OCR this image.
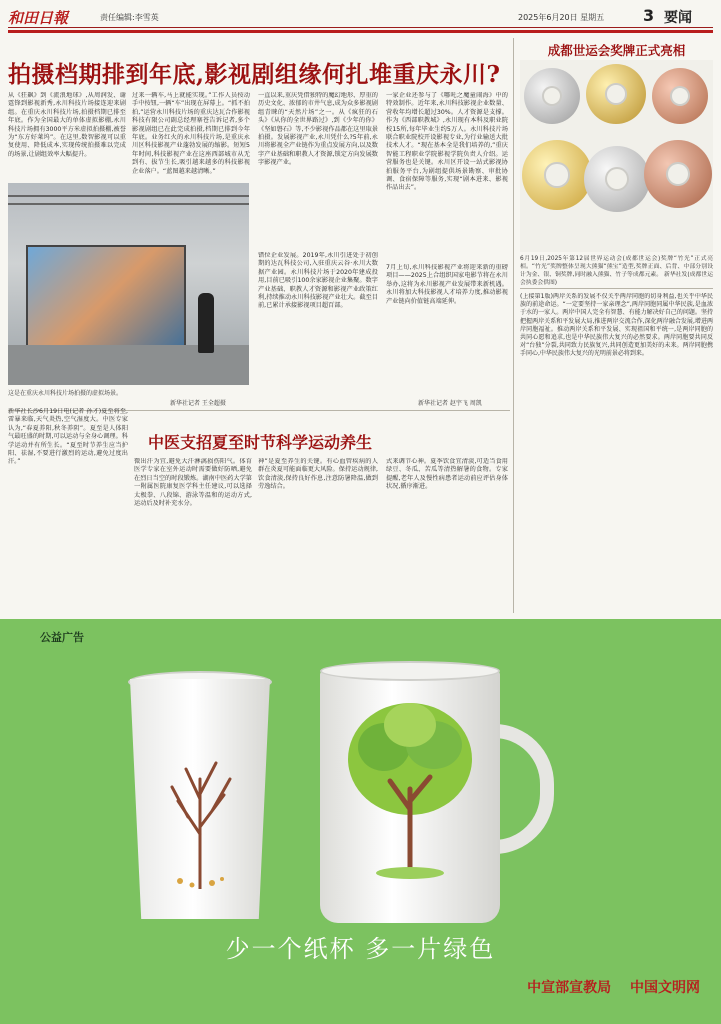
和田日報	责任编辑:李雪英	2025年6月20日 星期五 3 要闻
拍摄档期排到年底,影视剧组缘何扎堆重庆永川?
从《狂飙》到《流浪地球》,从周润发、谢霆锋到影视新秀,永川科技片场接连迎来剧组。在重庆永川科技片场,拍摄档期已排至年底。作为全国最大的单体虚拟影棚,永川科技片场拥有3000平方米虚拟拍摄棚,被誉为“东方好莱坞”。在这里,数智影视可以重复使用、降低成本,实现传统拍摄难以完成的场景,让剧组效率大幅提升。
过来一辆车,马上就能实现。”工作人员按动手中按钮,一辆“车”出现在屏幕上。“抓不拍拍,”运营永川科技片场的重庆达瓦合作影视科技有限公司副总经理寨苍告诉记者,多个影视剧组已在此完成拍摄,档期已排到今年年底。业务红火的永川科技片场,是重庆永川区科技影视产业蓬勃发展的缩影。短短5年时间,科技影视产业在这座西部城市从无到有、拔节生长,吸引越来越多的科技影视企业落户。“蓝图越来越清晰。”
一直以来,重庆凭借独特的魔幻地形、厚重的历史文化、浓郁的市井气息,成为众多影视剧组青睐的“天然片场”之一。从《疯狂的石头》《从你的全世界路过》,到《少年的你》《坚如磐石》等,不少影视作品都在这里取景拍摄。发展影视产业,永川凭什么?5年前,永川将影视全产业链作为重点发展方向,以及数字产业基础和职教人才资源,锁定方向发展数字影视产业。
错位企业发展。2019年,永川引进处于初创期的达瓦科技公司,入驻重庆云谷·永川大数据产业园。永川科技片场于2020年建成投用,目前已吸引100余家影视企业集聚。数字产业基础、职教人才资源和影视产业政策红利,持续推动永川科技影视产业壮大。截至目前,已累计承接影视项目超百部。
一家企业还参与了《哪吒之魔童闹海》中的特效制作。近年来,永川科技影视企业数量、营收年均增长超过30%。人才资源是支撑。作为《西部职教城》,永川现有本科及职业院校15所,每年毕业生约5万人。永川科技片场联合职业院校开设影视专业,为行业输送大批技术人才。“现在基本全是我们培养的,”重庆智能工程职业学院影视学院负责人介绍。运营服务也是关键。永川区开设一站式影视协拍服务平台,为剧组提供场景勘察、审批协调、食宿保障等服务,实现“剧本进来、影视作品出去”。
7月上旬,永川科技影视产业将迎来新的重磅项目——2025上合组织国家电影节将在永川举办,这将为永川影视产业发展带来新机遇。永川将加大科技影视人才培养力度,推动影视产业链向价值链高端延伸。
这是在重庆永川科技片场拍摄的虚拟场景。
新华社记者 王全超摄	新华社记者 赵宇飞 周凯
成都世运会奖牌正式亮相
6月19日,2025年第12届世界运动会(成都世运会)奖牌“竹光”正式亮相。“竹光”奖牌整体呈现大熊猫“熊宝”造型,奖牌正面、后背、中部分别设计为金、银、铜奖牌,同时融入熊猫、竹子等成都元素。 新华社发(成都世运会执委会供图)
(上接第1版)两岸关系的发展不仅关乎两岸同胞的切身利益,也关乎中华民族的前途命运。“一定要坚持一家亲理念”,两岸同胞同属中华民族,是血浓于水的一家人。两岸中国人完全有智慧、有能力解决好自己的问题。坚持把握两岸关系和平发展大局,推进两岸交流合作,深化两岸融合发展,增进两岸同胞福祉。推动两岸关系和平发展、实现祖国和平统一,是两岸同胞的共同心愿和追求,也是中华民族伟大复兴的必然要求。两岸同胞要共同反对“台独”分裂,共同致力民族复兴,共同创造更加美好的未来。两岸同胞携手同心,中华民族伟大复兴的光明前景必将到来。
中医支招夏至时节科学运动养生
新华社长沙6月19日电(记者 孙才)夏至将至,雷暴来临,天气炎热,空气湿度大。中医专家认为,“春夏养阳,秋冬养阴”。夏至是人体阳气最旺盛的时期,可以运动与全身心调理。科学运动并有所生长。“夏至时节养生应当护阳、祛湿,不要进行激烈的运动,避免过度出汗。”	微出汗为宜,避免大汗淋漓损伤阳气。体育医学专家在室外运动时需要做好防晒,避免在烈日当空的时段锻炼。湖南中医药大学第一附属医院康复医学科主任建议,可以选择太极拳、八段锦、游泳等温和的运动方式,运动后及时补充水分。
神”是夏至养生的关键。有心血管疾病的人群在炎夏可能面临更大风险。保持运动规律,饮食清淡,保持良好作息,注意防暑降温,做到劳逸结合。
式来调节心神。夏季饮食宜清淡,可适当食用绿豆、冬瓜、苦瓜等清热解暑的食物。专家提醒,老年人及慢性病患者运动前应评估身体状况,循序渐进。
公益广告
少一个纸杯 多一片绿色
中宣部宣教局 中国文明网
